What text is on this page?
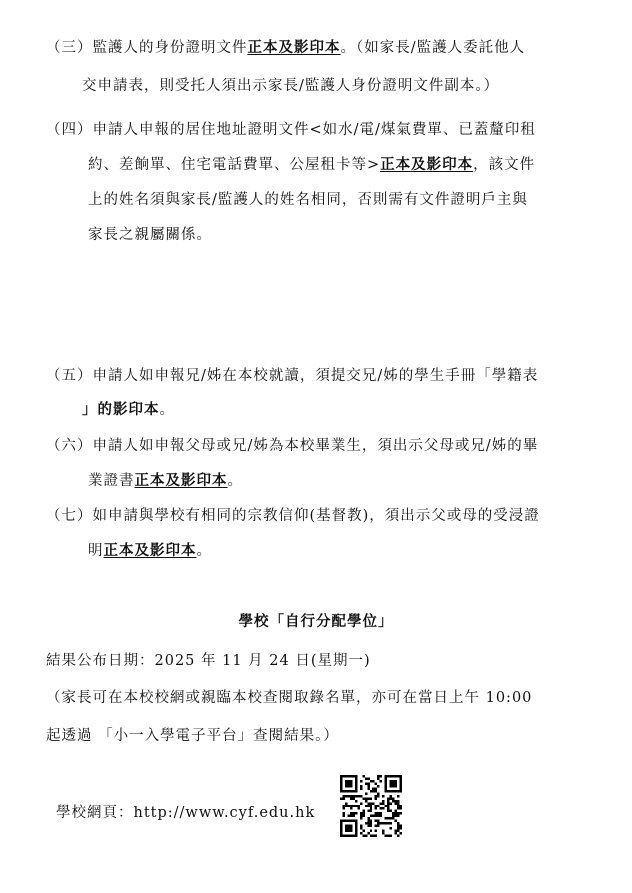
（三）監護人的身份證明文件正本及影印本。（如家長/監護人委託他人
交申請表，則受托人須出示家長/監護人身份證明文件副本。）
（四）申請人申報的居住地址證明文件<如水/電/煤氣費單、已蓋釐印租
約、差餉單、住宅電話費單、公屋租卡等>正本及影印本，該文件
上的姓名須與家長/監護人的姓名相同，否則需有文件證明戶主與
家長之親屬關係。
（五）申請人如申報兄/姊在本校就讀，須提交兄/姊的學生手冊「學籍表
」的影印本。
（六）申請人如申報父母或兄/姊為本校畢業生，須出示父母或兄/姊的畢
業證書正本及影印本。
（七）如申請與學校有相同的宗教信仰(基督教)，須出示父或母的受浸證
明正本及影印本。
學校「自行分配學位」
結果公布日期：2025 年 11 月 24 日(星期一)
（家長可在本校校網或親臨本校查閱取錄名單，亦可在當日上午 10:00
起透過 「小一入學電子平台」查閱結果。）
學校網頁：http://www.cyf.edu.hk
